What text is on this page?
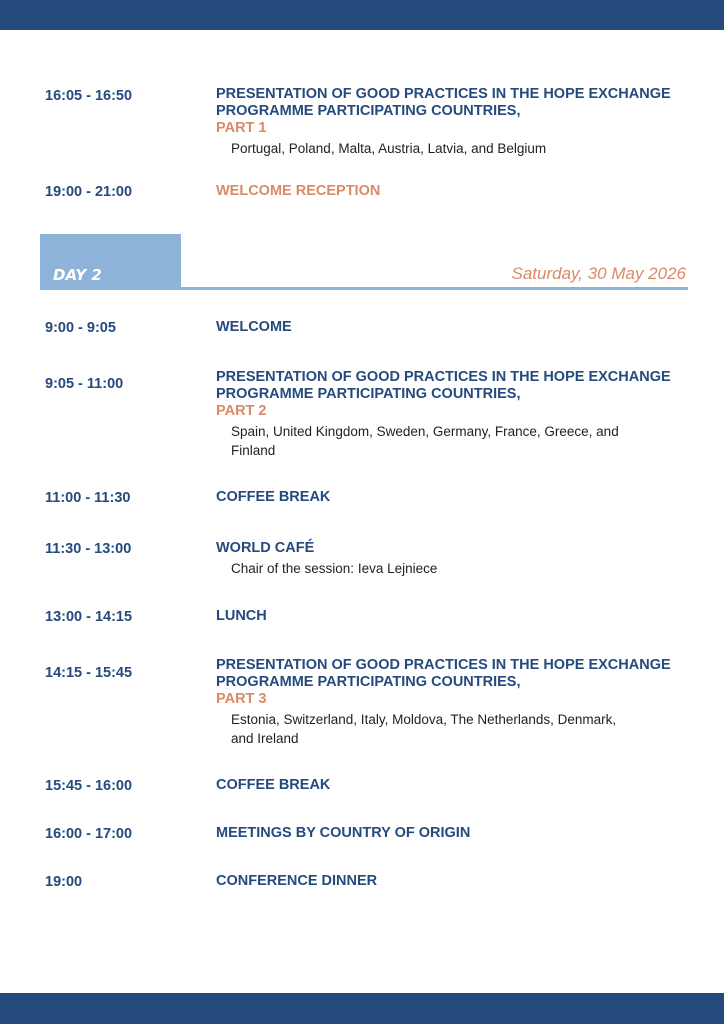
16:05 - 16:50	PRESENTATION OF GOOD PRACTICES IN THE HOPE EXCHANGE PROGRAMME PARTICIPATING COUNTRIES,
PART 1
Portugal, Poland, Malta, Austria, Latvia, and Belgium
19:00 - 21:00	WELCOME RECEPTION
DAY 2	Saturday, 30 May 2026
9:00 - 9:05	WELCOME
9:05 - 11:00	PRESENTATION OF GOOD PRACTICES IN THE HOPE EXCHANGE PROGRAMME PARTICIPATING COUNTRIES,
PART 2
Spain, United Kingdom, Sweden, Germany, France, Greece, and Finland
11:00 - 11:30	COFFEE BREAK
11:30 - 13:00	WORLD CAFÉ
Chair of the session: Ieva Lejniece
13:00 - 14:15	LUNCH
14:15 - 15:45	PRESENTATION OF GOOD PRACTICES IN THE HOPE EXCHANGE PROGRAMME PARTICIPATING COUNTRIES,
PART 3
Estonia, Switzerland, Italy, Moldova, The Netherlands, Denmark, and Ireland
15:45 - 16:00	COFFEE BREAK
16:00 - 17:00	MEETINGS BY COUNTRY OF ORIGIN
19:00	CONFERENCE DINNER
